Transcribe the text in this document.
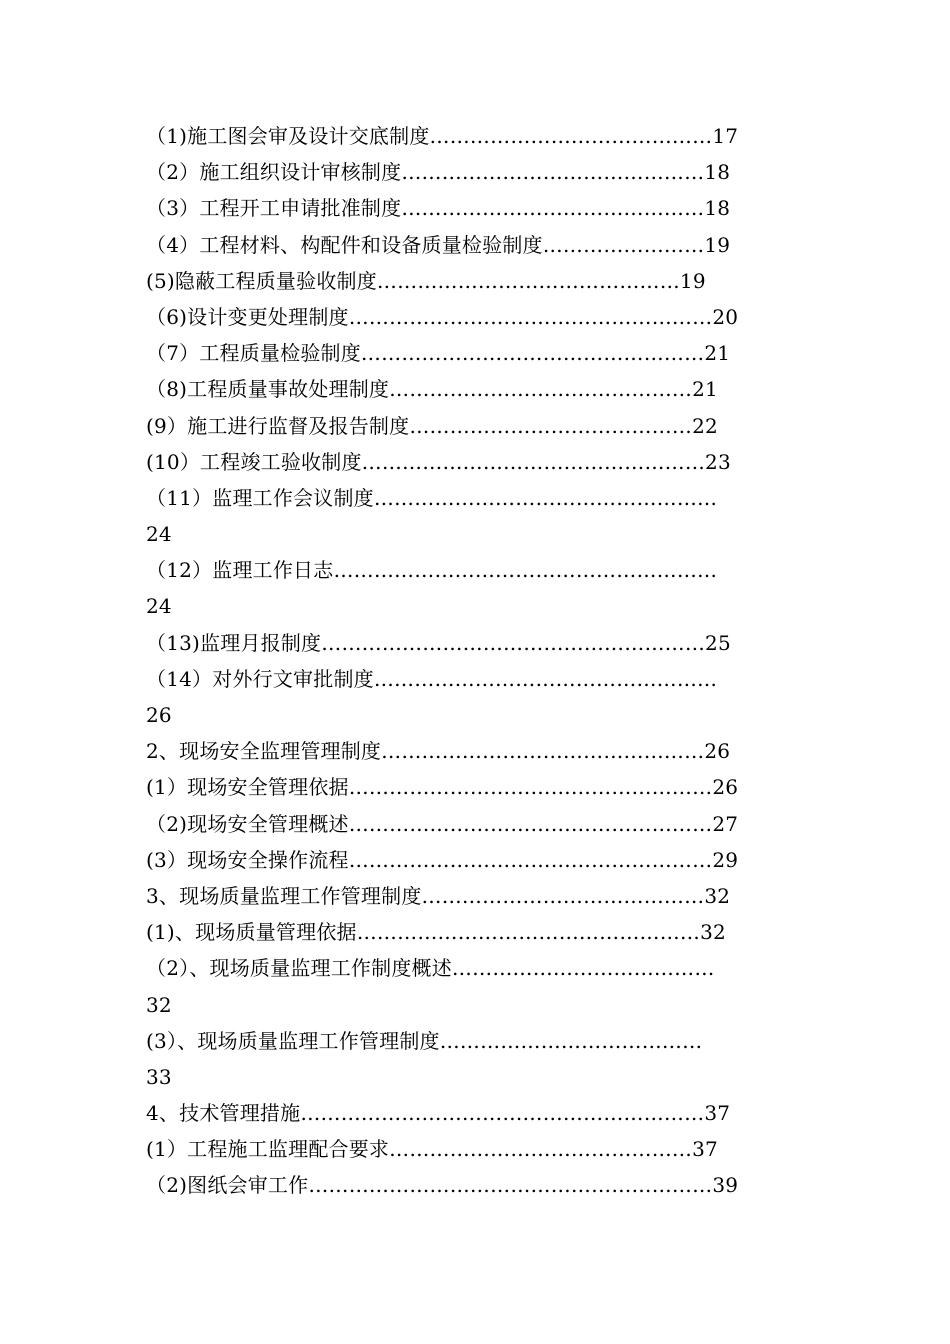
（1)施工图会审及设计交底制度……………………………………17
（2）施工组织设计审核制度………………………………………18
（3）工程开工申请批准制度………………………………………18
（4）工程材料、构配件和设备质量检验制度……………………19
(5)隐蔽工程质量验收制度………………………………………19
（6)设计变更处理制度………………………………………………20
（7）工程质量检验制度……………………………………………21
（8)工程质量事故处理制度………………………………………21
(9）施工进行监督及报告制度……………………………………22
(10）工程竣工验收制度……………………………………………23
（11）监理工作会议制度……………………………………………
24
（12）监理工作日志…………………………………………………
24
（13)监理月报制度…………………………………………………25
（14）对外行文审批制度……………………………………………
26
2、现场安全监理管理制度…………………………………………26
(1）现场安全管理依据………………………………………………26
（2)现场安全管理概述………………………………………………27
(3）现场安全操作流程………………………………………………29
3、现场质量监理工作管理制度……………………………………32
(1)、现场质量管理依据……………………………………………32
（2）、现场质量监理工作制度概述…………………………………
32
(3）、现场质量监理工作管理制度…………………………………
33
4、技术管理措施……………………………………………………37
(1）工程施工监理配合要求………………………………………37
（2)图纸会审工作……………………………………………………39
